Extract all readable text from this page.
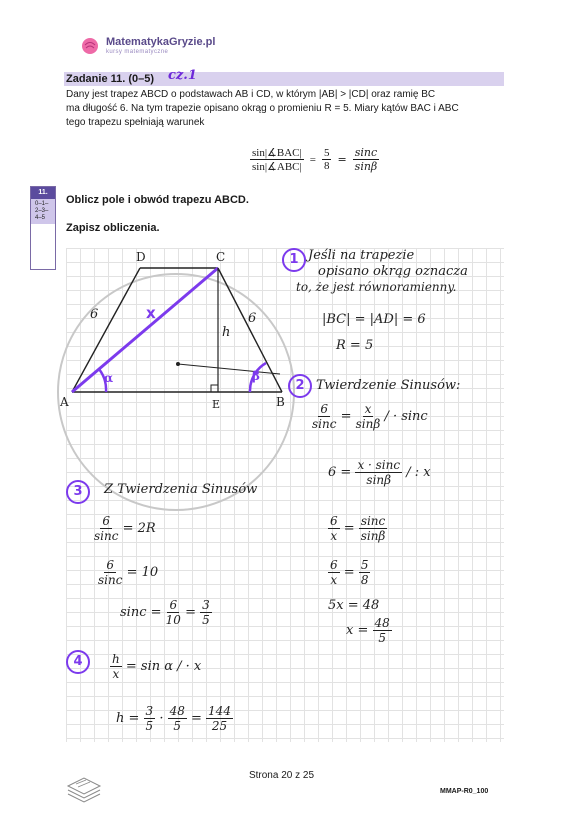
MatematykaGryzie.pl
kursy matematyczne
Zadanie 11. (0–5) cz.1
Dany jest trapez ABCD o podstawach AB i CD, w którym |AB| > |CD| oraz ramię BC
ma długość 6. Na tym trapezie opisano okrąg o promieniu R = 5. Miary kątów BAC i ABC
tego trapezu spełniają warunek
$\frac{\text{sin|∡BAC|}}{\text{sin|∡ABC|}} = \frac{5}{8} = \frac{\sin c}{\sin\beta}$
11.
0–1–
2–3–
4–5
Oblicz pole i obwód trapezu ABCD.
Zapisz obliczenia.
A	B
C
D
E
6	6
x
h
α	β
1 Jeśli na trapezie
opisano okrąg oznacza
to, że jest równoramienny.
|BC| = |AD| = 6
R = 5
2 Twierdzenie Sinusów:
$\frac{6}{\sin c} = \frac{x}{\sin\beta}$ / · sinc
$6 = \frac{x \cdot \sin c}{\sin\beta}$ / : x
$\frac{6}{x} = \frac{\sin c}{\sin\beta}$
$\frac{6}{x} = \frac{5}{8}$
5x = 48
$x = \frac{48}{5}$
3	Z Twierdzenia Sinusów
$\frac{6}{\sin c} = 2R$
$\frac{6}{\sin c} = 10$
$\sin c = \frac{6}{10} = \frac{3}{5}$
4	$\frac{h}{x} = \sin \alpha$ / · x
$h = \frac{3}{5} \cdot \frac{48}{5} = \frac{144}{25}$
Strona 20 z 25
MMAP-R0_100
